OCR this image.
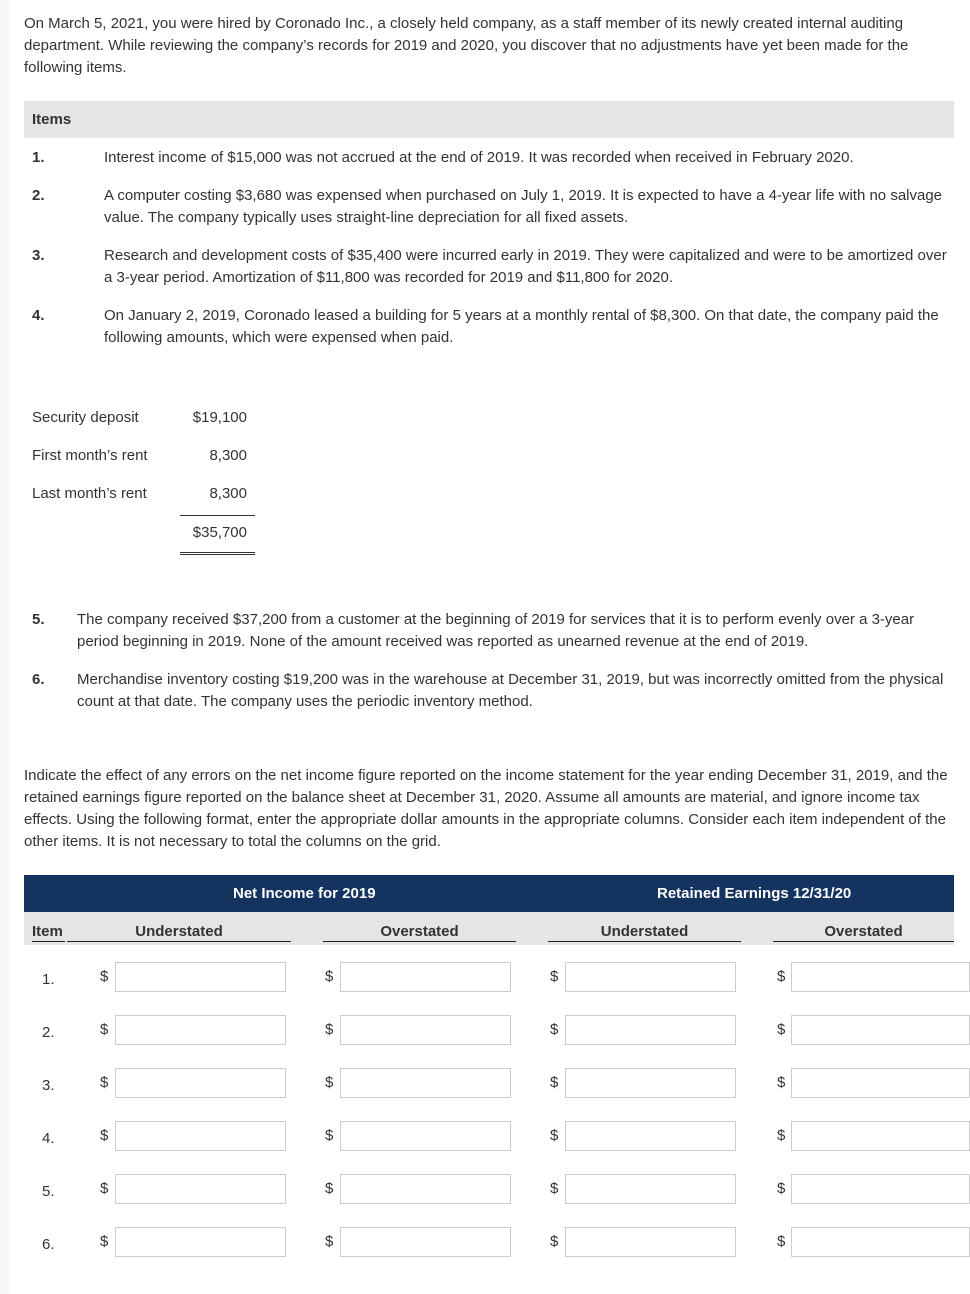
On March 5, 2021, you were hired by Coronado Inc., a closely held company, as a staff member of its newly created internal auditing department. While reviewing the company’s records for 2019 and 2020, you discover that no adjustments have yet been made for the following items.

Items
1.	Interest income of $15,000 was not accrued at the end of 2019. It was recorded when received in February 2020.

2.	A computer costing $3,680 was expensed when purchased on July 1, 2019. It is expected to have a 4-year life with no salvage value. The company typically uses straight-line depreciation for all fixed assets.

3.	Research and development costs of $35,400 were incurred early in 2019. They were capitalized and were to be amortized over a 3-year period. Amortization of $11,800 was recorded for 2019 and $11,800 for 2020.

4.	On January 2, 2019, Coronado leased a building for 5 years at a monthly rental of $8,300. On that date, the company paid the following amounts, which were expensed when paid.

Security deposit	$19,100
First month’s rent	8,300
Last month’s rent	8,300
$35,700
5. The company received $37,200 from a customer at the beginning of 2019 for services that it is to perform evenly over a 3-year period beginning in 2019. None of the amount received was reported as unearned revenue at the end of 2019.

6. Merchandise inventory costing $19,200 was in the warehouse at December 31, 2019, but was incorrectly omitted from the physical count at that date. The company uses the periodic inventory method.

Indicate the effect of any errors on the net income figure reported on the income statement for the year ending December 31, 2019, and the retained earnings figure reported on the balance sheet at December 31, 2020. Assume all amounts are material, and ignore income tax effects. Using the following format, enter the appropriate dollar amounts in the appropriate columns. Consider each item independent of the other items. It is not necessary to total the columns on the grid.

Net Income for 2019	Retained Earnings 12/31/20
Item	Understated	Overstated	Understated	Overstated
1.	$	$	$	$
2.	$	$	$	$
3.	$	$	$	$
4.	$	$	$	$
5.	$	$	$	$
6.	$	$	$	$
